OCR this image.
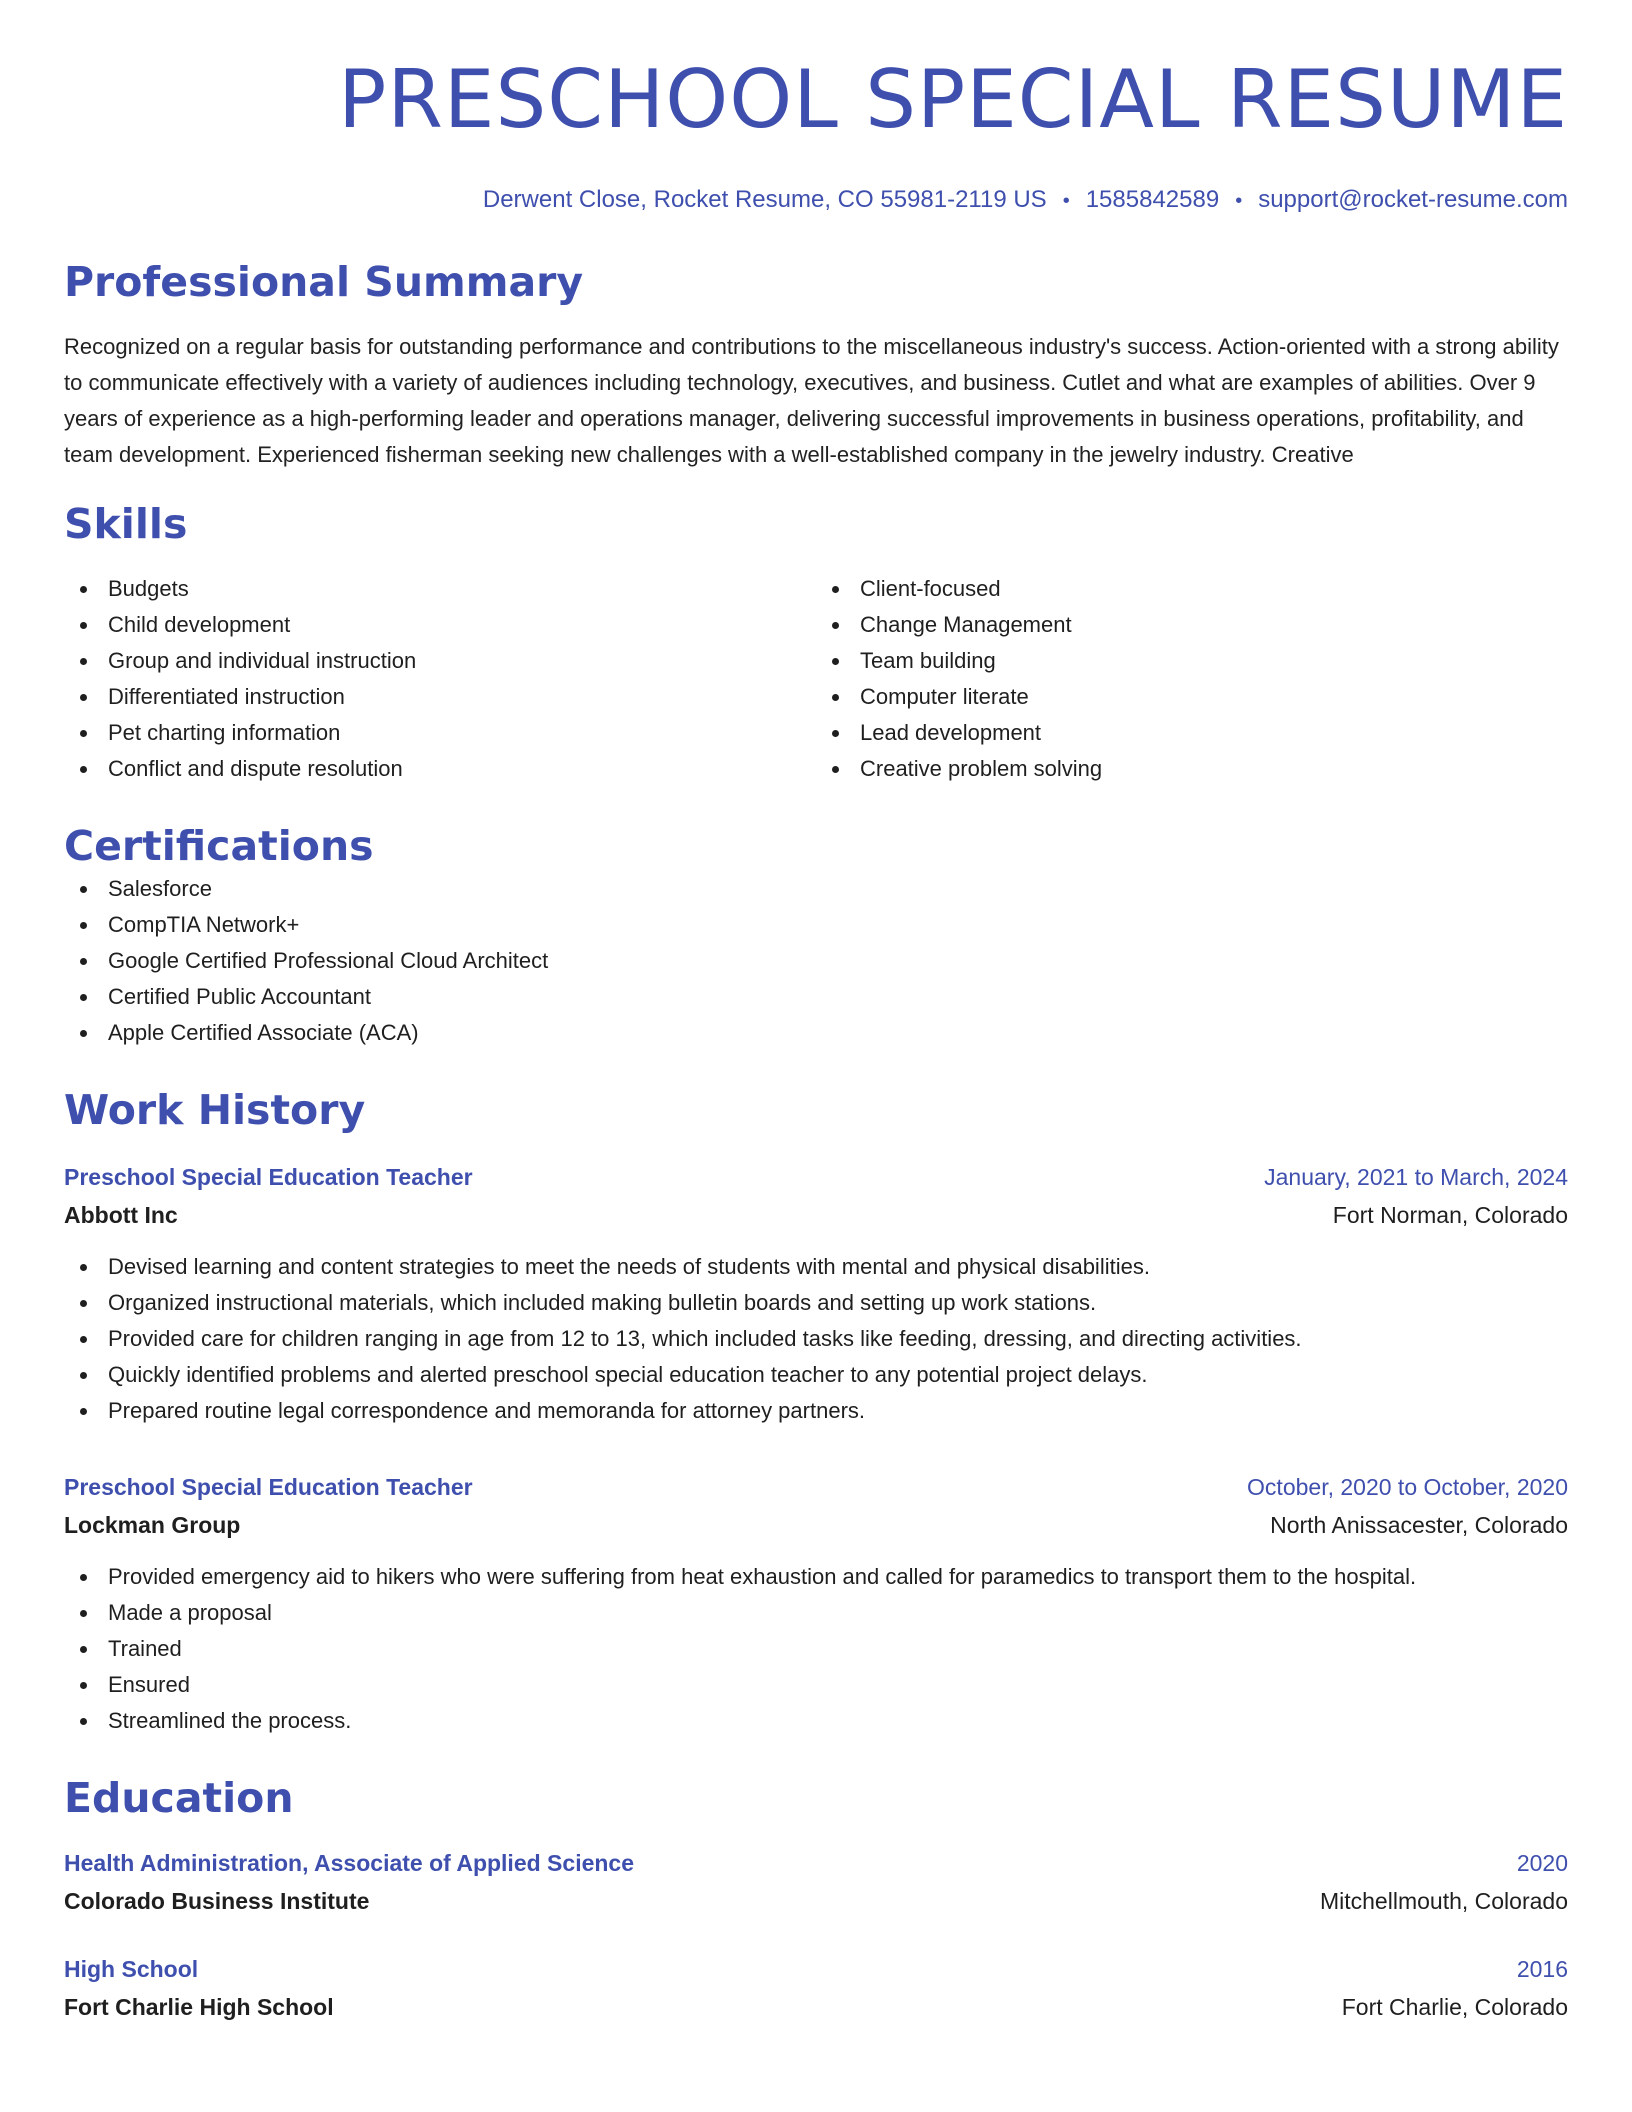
PRESCHOOL SPECIAL RESUME
Derwent Close, Rocket Resume, CO 55981-2119 US • 1585842589 • support@rocket-resume.com
Professional Summary

Recognized on a regular basis for outstanding performance and contributions to the miscellaneous industry's success. Action-oriented with a strong ability to communicate effectively with a variety of audiences including technology, executives, and business. Cutlet and what are examples of abilities. Over 9 years of experience as a high-performing leader and operations manager, delivering successful improvements in business operations, profitability, and team development. Experienced fisherman seeking new challenges with a well-established company in the jewelry industry. Creative

Skills
Budgets
Child development
Group and individual instruction
Differentiated instruction
Pet charting information
Conflict and dispute resolution
Client-focused
Change Management
Team building
Computer literate
Lead development
Creative problem solving
Certifications
Salesforce
CompTIA Network+
Google Certified Professional Cloud Architect
Certified Public Accountant
Apple Certified Associate (ACA)
Work History
Preschool Special Education Teacher	January, 2021 to March, 2024
Abbott Inc	Fort Norman, Colorado
Devised learning and content strategies to meet the needs of students with mental and physical disabilities.
Organized instructional materials, which included making bulletin boards and setting up work stations.
Provided care for children ranging in age from 12 to 13, which included tasks like feeding, dressing, and directing activities.
Quickly identified problems and alerted preschool special education teacher to any potential project delays.
Prepared routine legal correspondence and memoranda for attorney partners.
Preschool Special Education Teacher	October, 2020 to October, 2020
Lockman Group	North Anissacester, Colorado
Provided emergency aid to hikers who were suffering from heat exhaustion and called for paramedics to transport them to the hospital.
Made a proposal
Trained
Ensured
Streamlined the process.
Education
Health Administration, Associate of Applied Science	2020
Colorado Business Institute	Mitchellmouth, Colorado
High School	2016
Fort Charlie High School	Fort Charlie, Colorado
